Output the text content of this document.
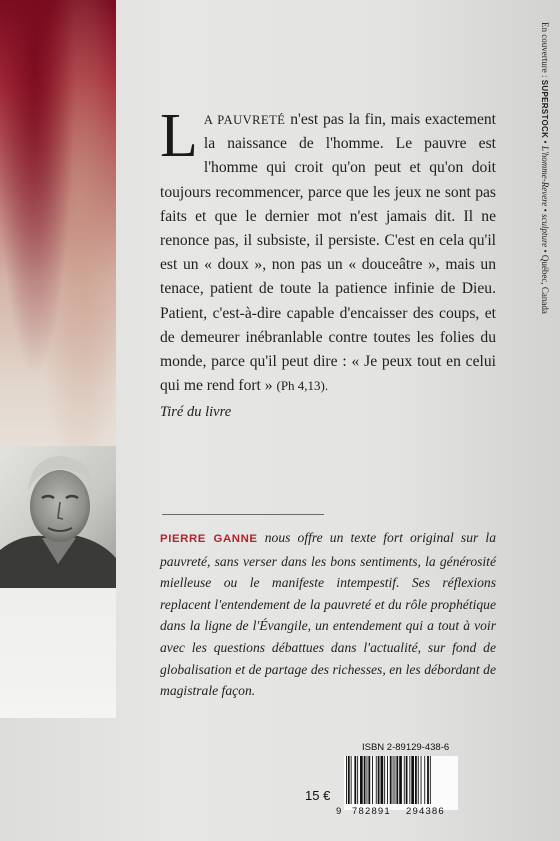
En couverture : SUPERSTOCK • L'homme-Revere • sculpture • Québec, Canada
L A PAUVRETÉ n'est pas la fin, mais exactement la naissance de l'homme. Le pauvre est l'homme qui croit qu'on peut et qu'on doit toujours recommencer, parce que les jeux ne sont pas faits et que le dernier mot n'est jamais dit. Il ne renonce pas, il subsiste, il persiste. C'est en cela qu'il est un « doux », non pas un « douceâtre », mais un tenace, patient de toute la patience infinie de Dieu. Patient, c'est-à-dire capable d'encaisser des coups, et de demeurer inébranlable contre toutes les folies du monde, parce qu'il peut dire : « Je peux tout en celui qui me rend fort » (Ph 4,13).
Tiré du livre
PIERRE GANNE nous offre un texte fort original sur la pauvreté, sans verser dans les bons sentiments, la générosité mielleuse ou le manifeste intempestif. Ses réflexions replacent l'entendement de la pauvreté et du rôle prophétique dans la ligne de l'Évangile, un entendement qui a tout à voir avec les questions débattues dans l'actualité, sur fond de globalisation et de partage des richesses, en les débordant de magistrale façon.
ISBN 2-89129-438-6
9 782891 294386
15 €
